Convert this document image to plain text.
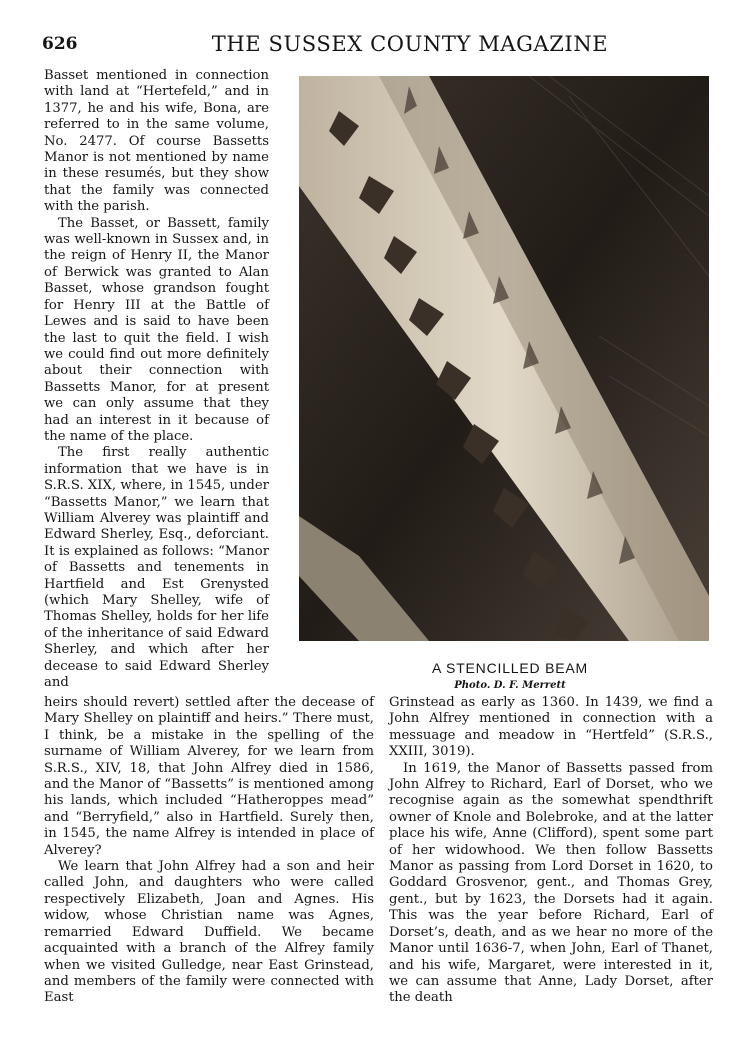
626	THE SUSSEX COUNTY MAGAZINE

Basset mentioned in connection with land at “Hertefeld,” and in 1377, he and his wife, Bona, are referred to in the same volume, No. 2477. Of course Bassetts Manor is not mentioned by name in these resumés, but they show that the family was connected with the parish.

The Basset, or Bassett, family was well-known in Sussex and, in the reign of Henry II, the Manor of Berwick was granted to Alan Basset, whose grandson fought for Henry III at the Battle of Lewes and is said to have been the last to quit the field. I wish we could find out more definitely about their connection with Bassetts Manor, for at present we can only assume that they had an interest in it because of the name of the place.

The first really authentic information that we have is in S.R.S. XIX, where, in 1545, under “Bassetts Manor,” we learn that William Alverey was plaintiff and Edward Sherley, Esq., deforciant. It is explained as follows: “Manor of Bassetts and tenements in Hartfield and Est Grenysted (which Mary Shelley, wife of Thomas Shelley, holds for her life of the inheritance of said Edward Sherley, and which after her decease to said Edward Sherley and

A STENCILLED BEAM
Photo. D. F. Merrett

heirs should revert) settled after the decease of Mary Shelley on plaintiff and heirs.” There must, I think, be a mistake in the spelling of the surname of William Alverey, for we learn from S.R.S., XIV, 18, that John Alfrey died in 1586, and the Manor of “Bassetts” is mentioned among his lands, which included “Hatheroppes mead” and “Berryfield,” also in Hartfield. Surely then, in 1545, the name Alfrey is intended in place of Alverey?

We learn that John Alfrey had a son and heir called John, and daughters who were called respectively Elizabeth, Joan and Agnes. His widow, whose Christian name was Agnes, remarried Edward Duffield. We became acquainted with a branch of the Alfrey family when we visited Gulledge, near East Grinstead, and members of the family were connected with East

Grinstead as early as 1360. In 1439, we find a John Alfrey mentioned in connection with a messuage and meadow in “Hertfeld” (S.R.S., XXIII, 3019).

In 1619, the Manor of Bassetts passed from John Alfrey to Richard, Earl of Dorset, who we recognise again as the somewhat spendthrift owner of Knole and Bolebroke, and at the latter place his wife, Anne (Clifford), spent some part of her widowhood. We then follow Bassetts Manor as passing from Lord Dorset in 1620, to Goddard Grosvenor, gent., and Thomas Grey, gent., but by 1623, the Dorsets had it again. This was the year before Richard, Earl of Dorset’s, death, and as we hear no more of the Manor until 1636-7, when John, Earl of Thanet, and his wife, Margaret, were interested in it, we can assume that Anne, Lady Dorset, after the death
